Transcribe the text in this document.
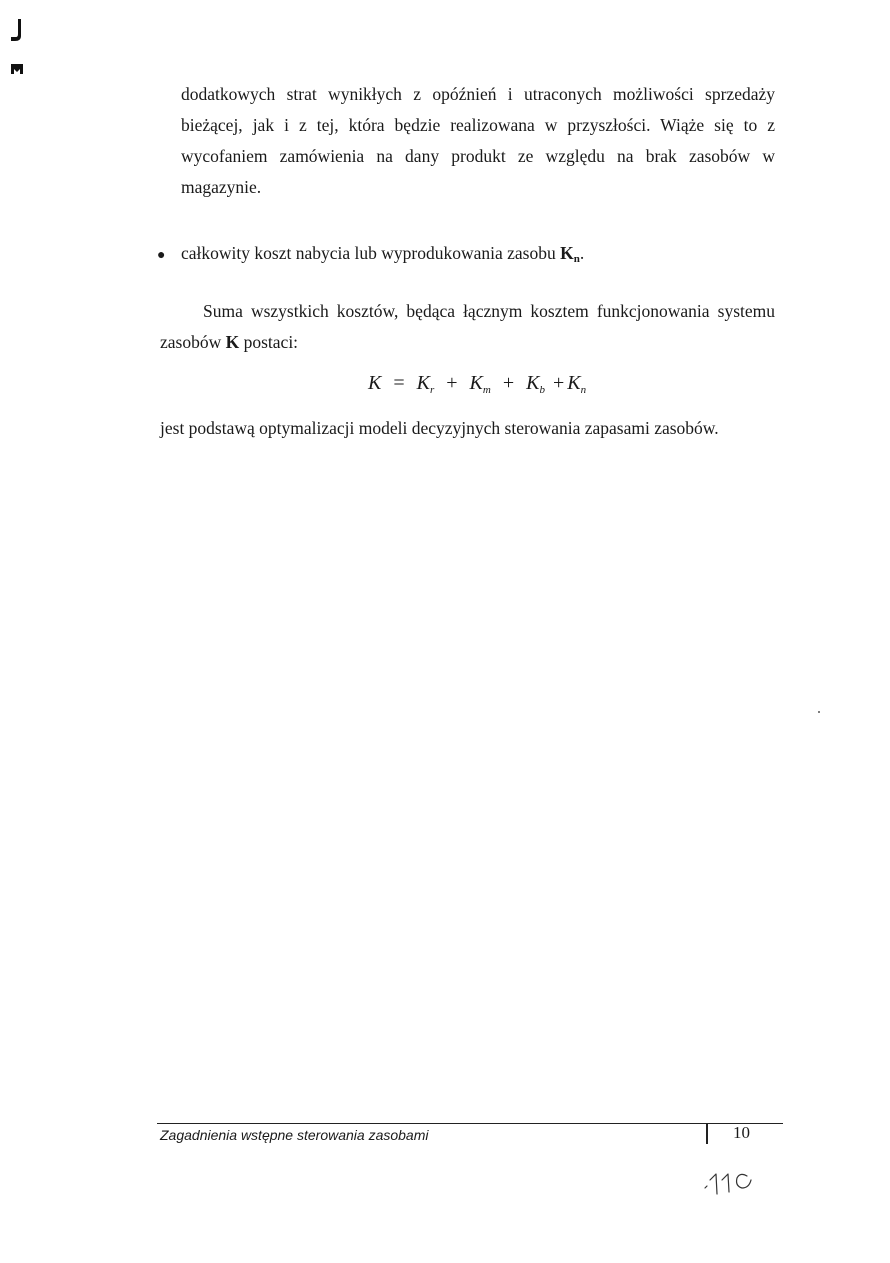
dodatkowych strat wynikłych z opóźnień i utraconych możliwości sprzedaży
bieżącej, jak i z tej, która będzie realizowana w przyszłości. Wiąże się to z
wycofaniem zamówienia na dany produkt ze względu na brak zasobów w
magazynie.
● całkowity koszt nabycia lub wyprodukowania zasobu $K_n$.
Suma wszystkich kosztów, będąca łącznym kosztem funkcjonowania systemu
zasobów K postaci:
$K = K_r + K_m + K_b + K_n$
jest podstawą optymalizacji modeli decyzyjnych sterowania zapasami zasobów.
Zagadnienia wstępne sterowania zasobami	10
